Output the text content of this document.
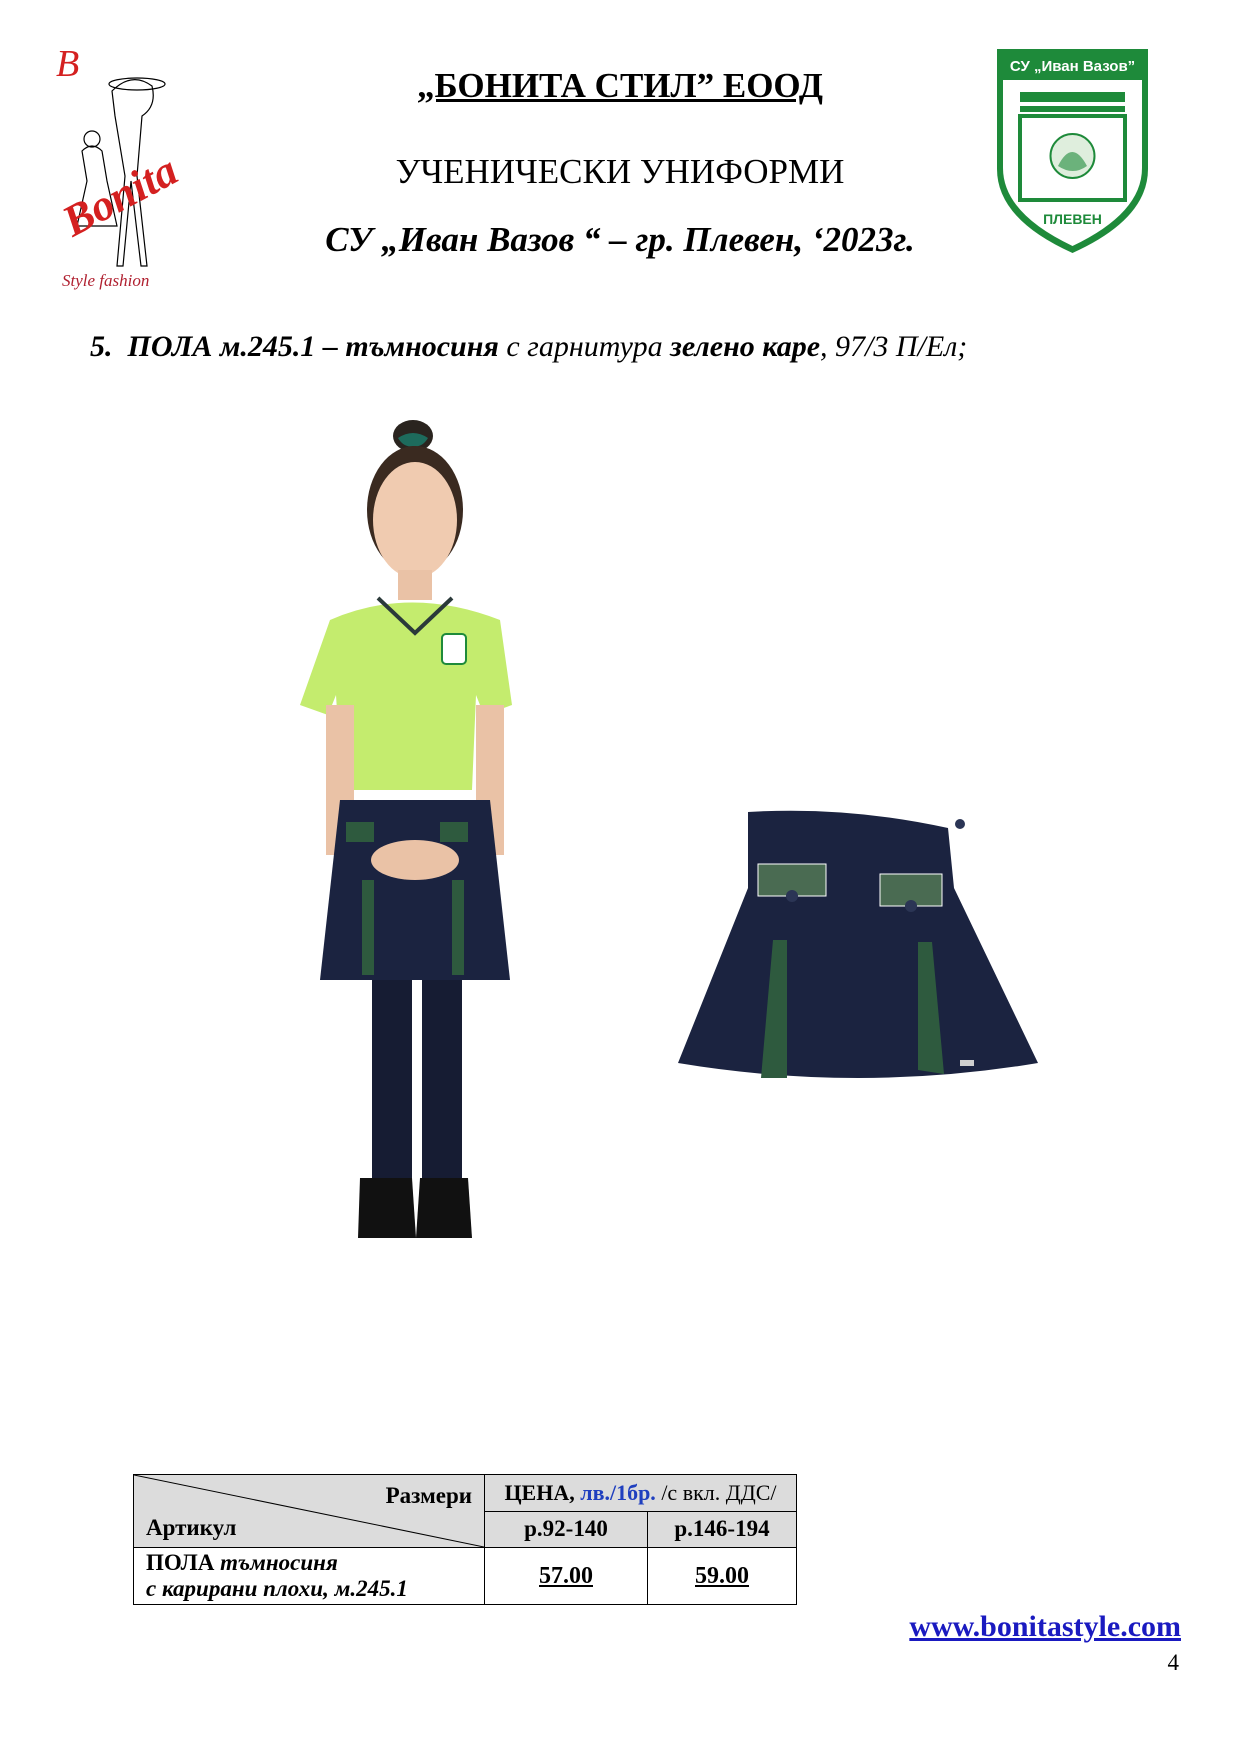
B
Bonita
Style fashion
СУ „Иван Вазов”
ПЛЕВЕН
„БОНИТА СТИЛ” ЕООД
УЧЕНИЧЕСКИ УНИФОРМИ
СУ „Иван Вазов “ – гр. Плевен, ‘2023г.
5. ПОЛА м.245.1 – тъмносиня с гарнитура зелено каре, 97/3 П/Ел;
Размери
Артикул	ЦЕНА, лв./1бр. /с вкл. ДДС/	
	р.92-140	р.146-194
ПОЛА тъмносиня
с карирани плохи, м.245.1	57.00	59.00
www.bonitastyle.com
4
